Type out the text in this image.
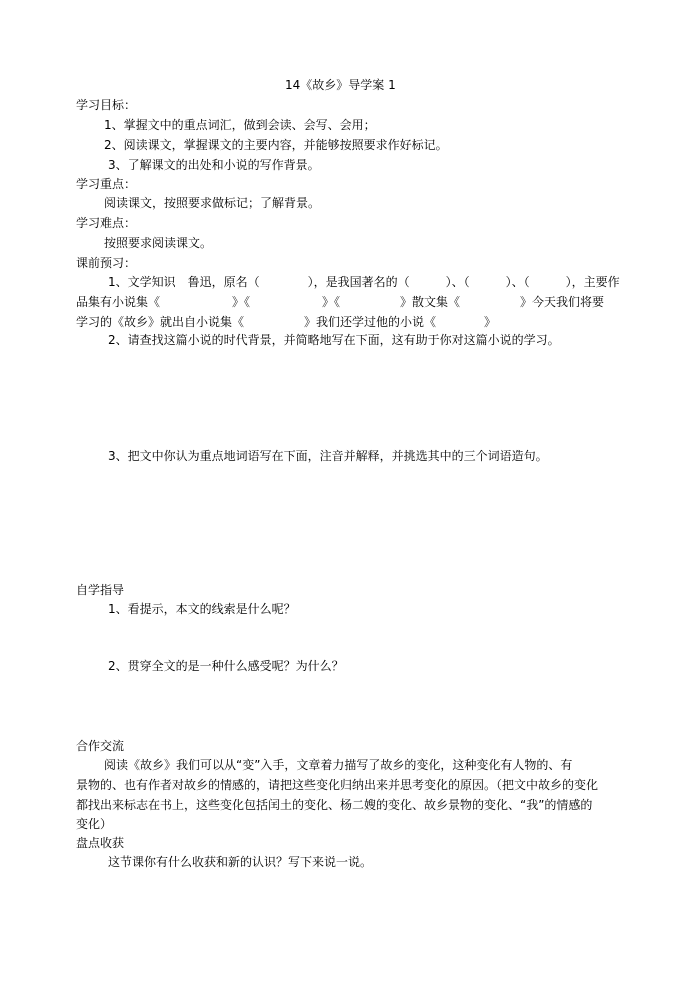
14《故乡》导学案 1
学习目标：
1、掌握文中的重点词汇，做到会读、会写、会用；
2、阅读课文，掌握课文的主要内容，并能够按照要求作好标记。
3、了解课文的出处和小说的写作背景。
学习重点：
阅读课文，按照要求做标记；了解背景。
学习难点：
按照要求阅读课文。
课前预习：
1、文学知识　鲁迅，原名（　　　　），是我国著名的（　　　）、（　　　）、（　　　），主要作
品集有小说集《　　　　　　》《　　　　　　》《　　　　　》散文集《　　　　　》今天我们将要
学习的《故乡》就出自小说集《　　　　　》我们还学过他的小说《　　　　》
2、请查找这篇小说的时代背景，并简略地写在下面，这有助于你对这篇小说的学习。
3、把文中你认为重点地词语写在下面，注音并解释，并挑选其中的三个词语造句。
自学指导
1、看提示，本文的线索是什么呢？
2、贯穿全文的是一种什么感受呢？为什么？
合作交流
阅读《故乡》我们可以从“变”入手，文章着力描写了故乡的变化，这种变化有人物的、有
景物的、也有作者对故乡的情感的，请把这些变化归纳出来并思考变化的原因。（把文中故乡的变化
都找出来标志在书上，这些变化包括闰土的变化、杨二嫂的变化、故乡景物的变化、“我”的情感的
变化）
盘点收获
这节课你有什么收获和新的认识？写下来说一说。
